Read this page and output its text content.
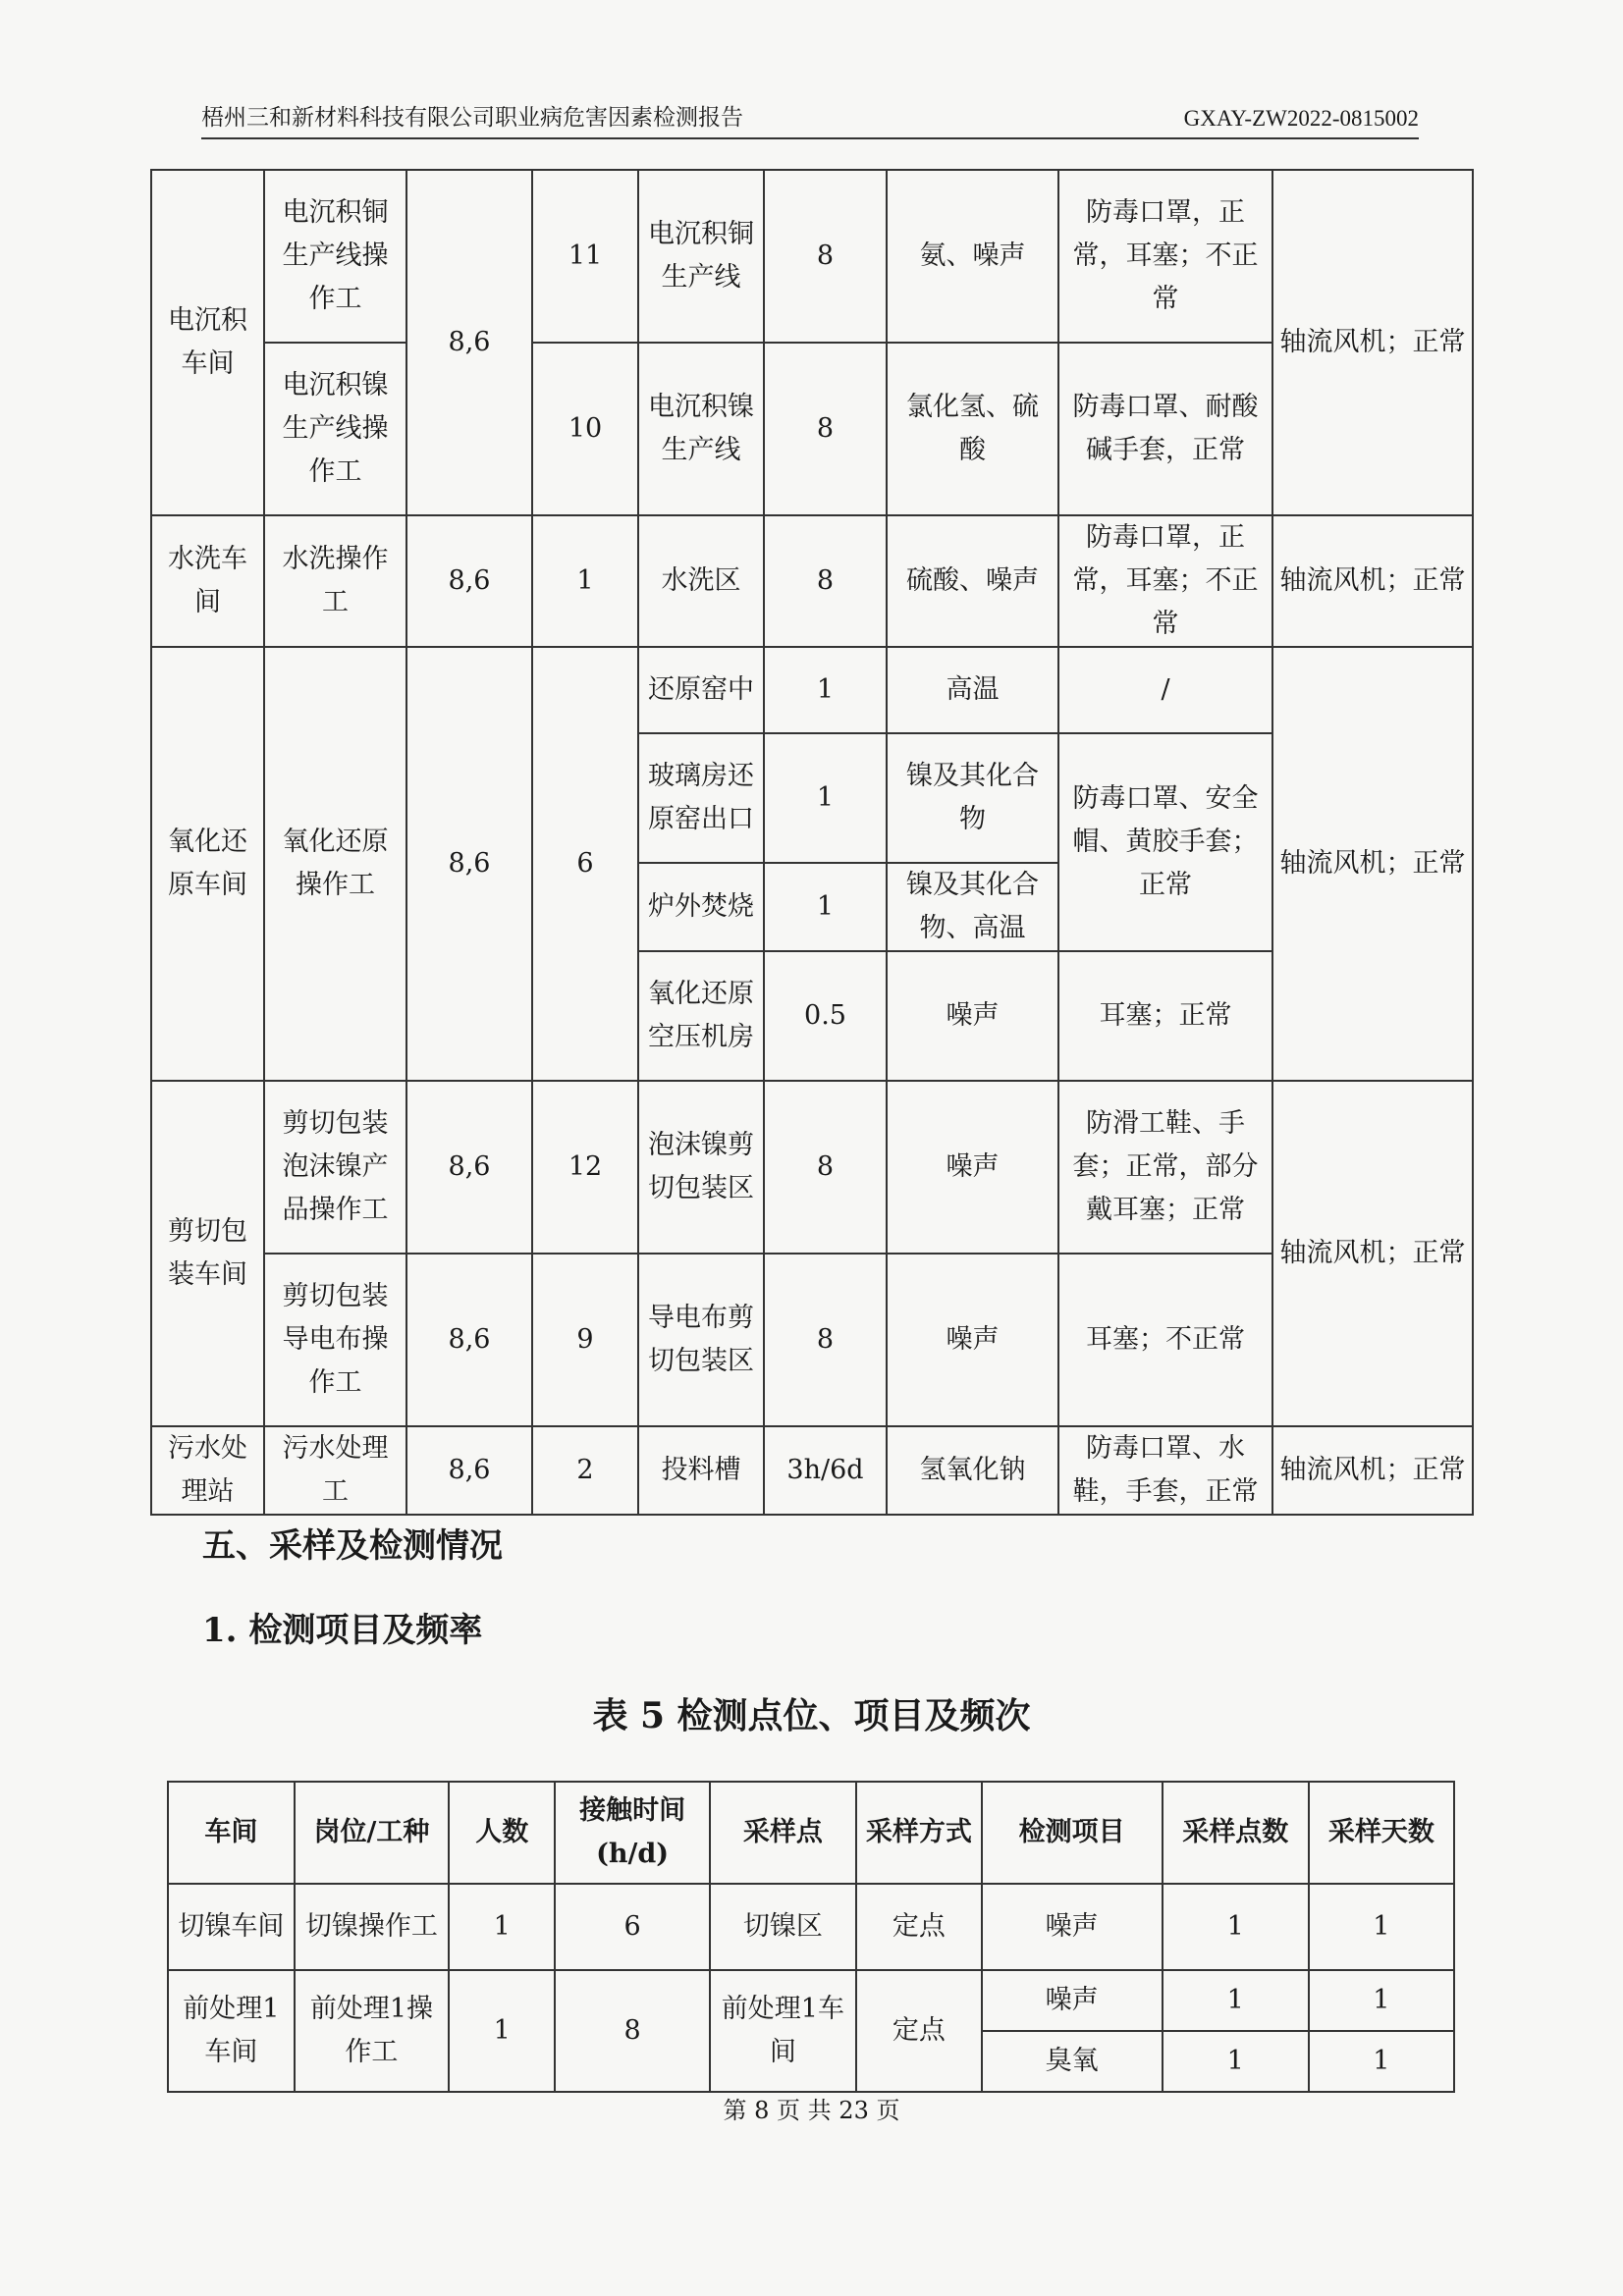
梧州三和新材料科技有限公司职业病危害因素检测报告	GXAY-ZW2022-0815002
电沉积车间	电沉积铜生产线操作工	8,6	11	电沉积铜生产线	8	氨、噪声	防毒口罩，正常，耳塞；不正常	轴流风机；正常
	电沉积镍生产线操作工		10	电沉积镍生产线	8	氯化氢、硫酸	防毒口罩、耐酸碱手套，正常	
水洗车间	水洗操作工	8,6	1	水洗区	8	硫酸、噪声	防毒口罩，正常，耳塞；不正常	轴流风机；正常
氧化还原车间	氧化还原操作工	8,6	6	还原窑中	1	高温	/	轴流风机；正常
				玻璃房还原窑出口	1	镍及其化合物	防毒口罩、安全帽、黄胶手套；正常	
				炉外焚烧	1	镍及其化合物、高温		
				氧化还原空压机房	0.5	噪声	耳塞；正常	
剪切包装车间	剪切包装泡沫镍产品操作工	8,6	12	泡沫镍剪切包装区	8	噪声	防滑工鞋、手套；正常，部分戴耳塞；正常	轴流风机；正常
	剪切包装导电布操作工	8,6	9	导电布剪切包装区	8	噪声	耳塞；不正常	
污水处理站	污水处理工	8,6	2	投料槽	3h/6d	氢氧化钠	防毒口罩、水鞋，手套，正常	轴流风机；正常
五、采样及检测情况
1. 检测项目及频率
表 5 检测点位、项目及频次
车间	岗位/工种	人数	接触时间(h/d)	采样点	采样方式	检测项目	采样点数	采样天数
切镍车间	切镍操作工	1	6	切镍区	定点	噪声	1	1
前处理1车间	前处理1操作工	1	8	前处理1车间	定点	噪声	1	1
						臭氧	1	1
第 8 页 共 23 页
